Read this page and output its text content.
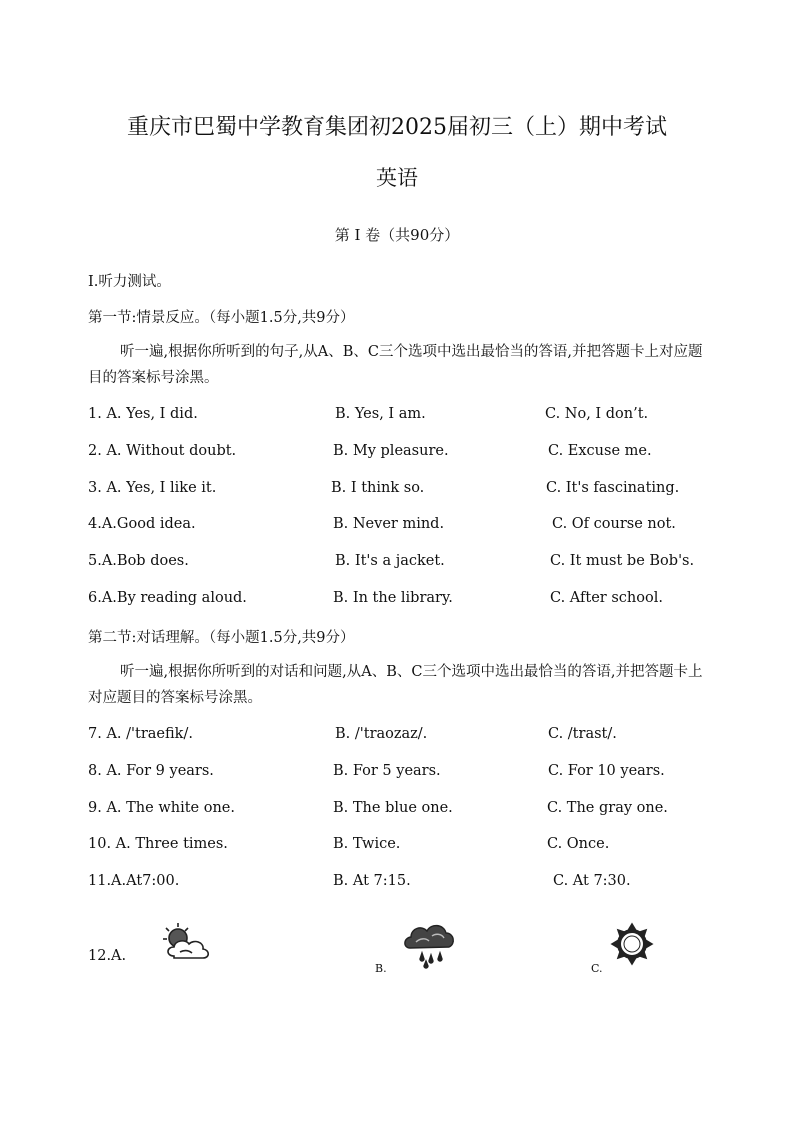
重庆市巴蜀中学教育集团初2025届初三（上）期中考试
英语
第 I 卷（共90分）
I.听力测试。
第一节:情景反应。（每小题1.5分,共9分）
听一遍,根据你所听到的句子,从A、B、C三个选项中选出最恰当的答语,并把答题卡上对应题目的答案标号涂黑。
1. A. Yes, I did.	B. Yes, I am.	C. No, I don’t.
2. A. Without doubt.	B. My pleasure.	C. Excuse me.
3. A. Yes, I like it.	B. I think so.	C. It's fascinating.
4.A.Good idea.	B. Never mind.	C. Of course not.
5.A.Bob does.	B. It's a jacket.	C. It must be Bob's.
6.A.By reading aloud.	B. In the library.	C. After school.
第二节:对话理解。（每小题1.5分,共9分）
听一遍,根据你所听到的对话和问题,从A、B、C三个选项中选出最恰当的答语,并把答题卡上对应题目的答案标号涂黑。
7. A. /'traefik/.	B. /'traozaz/.	C. /trast/.
8. A. For 9 years.	B. For 5 years.	C. For 10 years.
9. A. The white one.	B. The blue one.	C. The gray one.
10. A. Three times.	B. Twice.	C. Once.
11.A.At7:00.	B. At 7:15.	C. At 7:30.
12.A.
B.	C.
